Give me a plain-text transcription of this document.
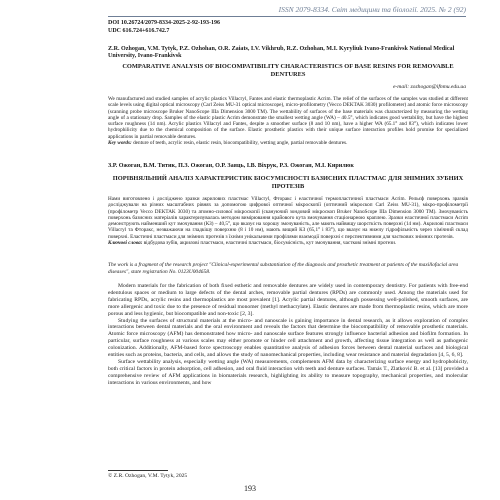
ISSN 2079-8334. Світ медицини та біології. 2025. № 2 (92)
DOI 10.26724/2079-8334-2025-2-92-193-196
UDC 616.724+616.742.7
Z.R. Ozhogan, V.M. Tytyk, P.Z. Ozhohan, O.R. Zaiats, I.V. Vikhrub, R.Z. Ozhohan, M.I. Kyryliuk Ivano-Frankivsk National Medical University, Ivano-Frankivsk
COMPARATIVE ANALYSIS OF BIOCOMPATIBILITY CHARACTERISTICS OF BASE RESINS FOR REMOVABLE DENTURES
e-mail: zozhogan@ifnmu.edu.ua
We manufactured and studied samples of acrylic plastics Villacryl, Fantes and elastic thermoplastic Acrim. The relief of the surfaces of the samples was studied at different scale levels using digital optical microscopy (Carl Zeiss MU-31 optical microscope), micro-profilometry (Vecco DEKTAK 3030) profilometer) and atomic force microscopy (scanning probe microscope Bruker NanoScope IIIa Dimension 3000 TM). The wettability of surfaces of the base materials was characterized by measuring the wetting angle of a stationary drop. Samples of the elastic plastic Acrim demonstrate the smallest wetting angle (WA) – 40.5°, which indicates good wettability, but have the highest surface roughness (14 nm). Acrylic plastics Villacryl and Fantes, despite a smoother surface (8 and 10 nm), have a higher WA (65.1° and 83°), which indicates lower hydrophilicity due to the chemical composition of the surface. Elastic prosthetic plastics with their unique surface interaction profiles hold promise for specialized applications in partial removable dentures.
Key words: denture of teeth, acrylic resin, elastic resin, biocompatibility, wetting angle, partial removable dentures.
З.Р. Ожоган, В.М. Титик, П.З. Ожоган, О.Р. Заяць, І.В. Віхрук, Р.З. Ожоган, М.І. Кирилюк
ПОРІВНЯЛЬНИЙ АНАЛІЗ ХАРАКТЕРИСТИК БІОСУМІСНОСТІ БАЗИСНИХ ПЛАСТМАС ДЛЯ ЗНІМНИХ ЗУБНИХ ПРОТЕЗІВ
Нами виготовлено і досліджено зразки акрилових пластмас Villacryl, Фторакс і еластичної термопластичної пластмаси Acrim. Рельєф поверхонь зразків досліджували на різних масштабних рівнях за допомогою цифрової оптичної мікроскопії (оптичний мікроскоп Carl Zeiss MU-31), мікро-профілометрії (профілометр Vecco DEKTAK 3030) та атомно-силової мікроскопії (скануючий зондовий мікроскоп Bruker NanoScope IIIa Dimension 3000 TM). Змочуваність поверхонь базисних матеріалів характеризувалась методом вимірювання крайового кута змочування стаціонарною краплею. Зразки еластичної пластмаси Acrim демонструють найменший кут змочування (КЗ) – 40,5°, що вказує на хорошу змочуваність, але мають найвищу шорсткість поверхні (14 нм). Акрилові пластмаси Villacryl та Фторакс, незважаючи на гладкішу поверхню (8 і 10 нм), мають вищий КЗ (65,1° і 83°), що вказує на нижчу гідрофільність через хімічний склад поверхні. Еластичні пластмаси для знімних протезів з їхніми унікальними профілями взаємодії поверхні є перспективними для часткових знімних протезів.
Ключові слова: відбудова зубів, акрилові пластмаси, еластичні пластмаси, біосумісність, кут змочування, часткові знімні протези.
The work is a fragment of the research project "Clinical-experimental substantiation of the diagnosis and prosthetic treatment at patients of the maxillofacial area diseases", state registration No. 0123U004658.

Modern materials for the fabrication of both fixed esthetic and removable dentures are widely used in contemporary dentistry. For patients with free-end edentulous spaces or medium to large defects of the dental arches, removable partial dentures (RPDs) are commonly used. Among the materials used for fabricating RPDs, acrylic resins and thermoplastics are most prevalent [1]. Acrylic partial dentures, although possessing well-polished, smooth surfaces, are more allergenic and toxic due to the presence of residual monomer (methyl methacrylate). Elastic dentures are made from thermoplastic resins, which are more porous and less hygienic, but biocompatible and non-toxic [2, 3].

Studying the surfaces of structural materials at the micro- and nanoscale is gaining importance in dental research, as it allows exploration of complex interactions between dental materials and the oral environment and reveals the factors that determine the biocompatibility of removable prosthetic materials. Atomic force microscopy (AFM) has demonstrated how micro- and nanoscale surface features strongly influence bacterial adhesion and biofilm formation. In particular, surface roughness at various scales may either promote or hinder cell attachment and growth, affecting tissue integration as well as pathogenic colonization. Additionally, AFM-based force spectroscopy enables quantitative analysis of adhesion forces between dental material surfaces and biological entities such as proteins, bacteria, and cells, and allows the study of nanomechanical properties, including wear resistance and material degradation [4, 5, 6, 8].

Surface wettability analysis, especially wetting angle (WA) measurements, complements AFM data by characterizing surface energy and hydrophobicity, both critical factors in protein adsorption, cell adhesion, and oral fluid interaction with teeth and denture surfaces. Tamás T., Zlatković B. et al. [13] provided a comprehensive review of AFM applications in biomaterials research, highlighting its ability to measure topography, mechanical properties, and molecular interactions in various environments, and how

© Z.R. Ozhogan, V.M. Tytyk, 2025
193
